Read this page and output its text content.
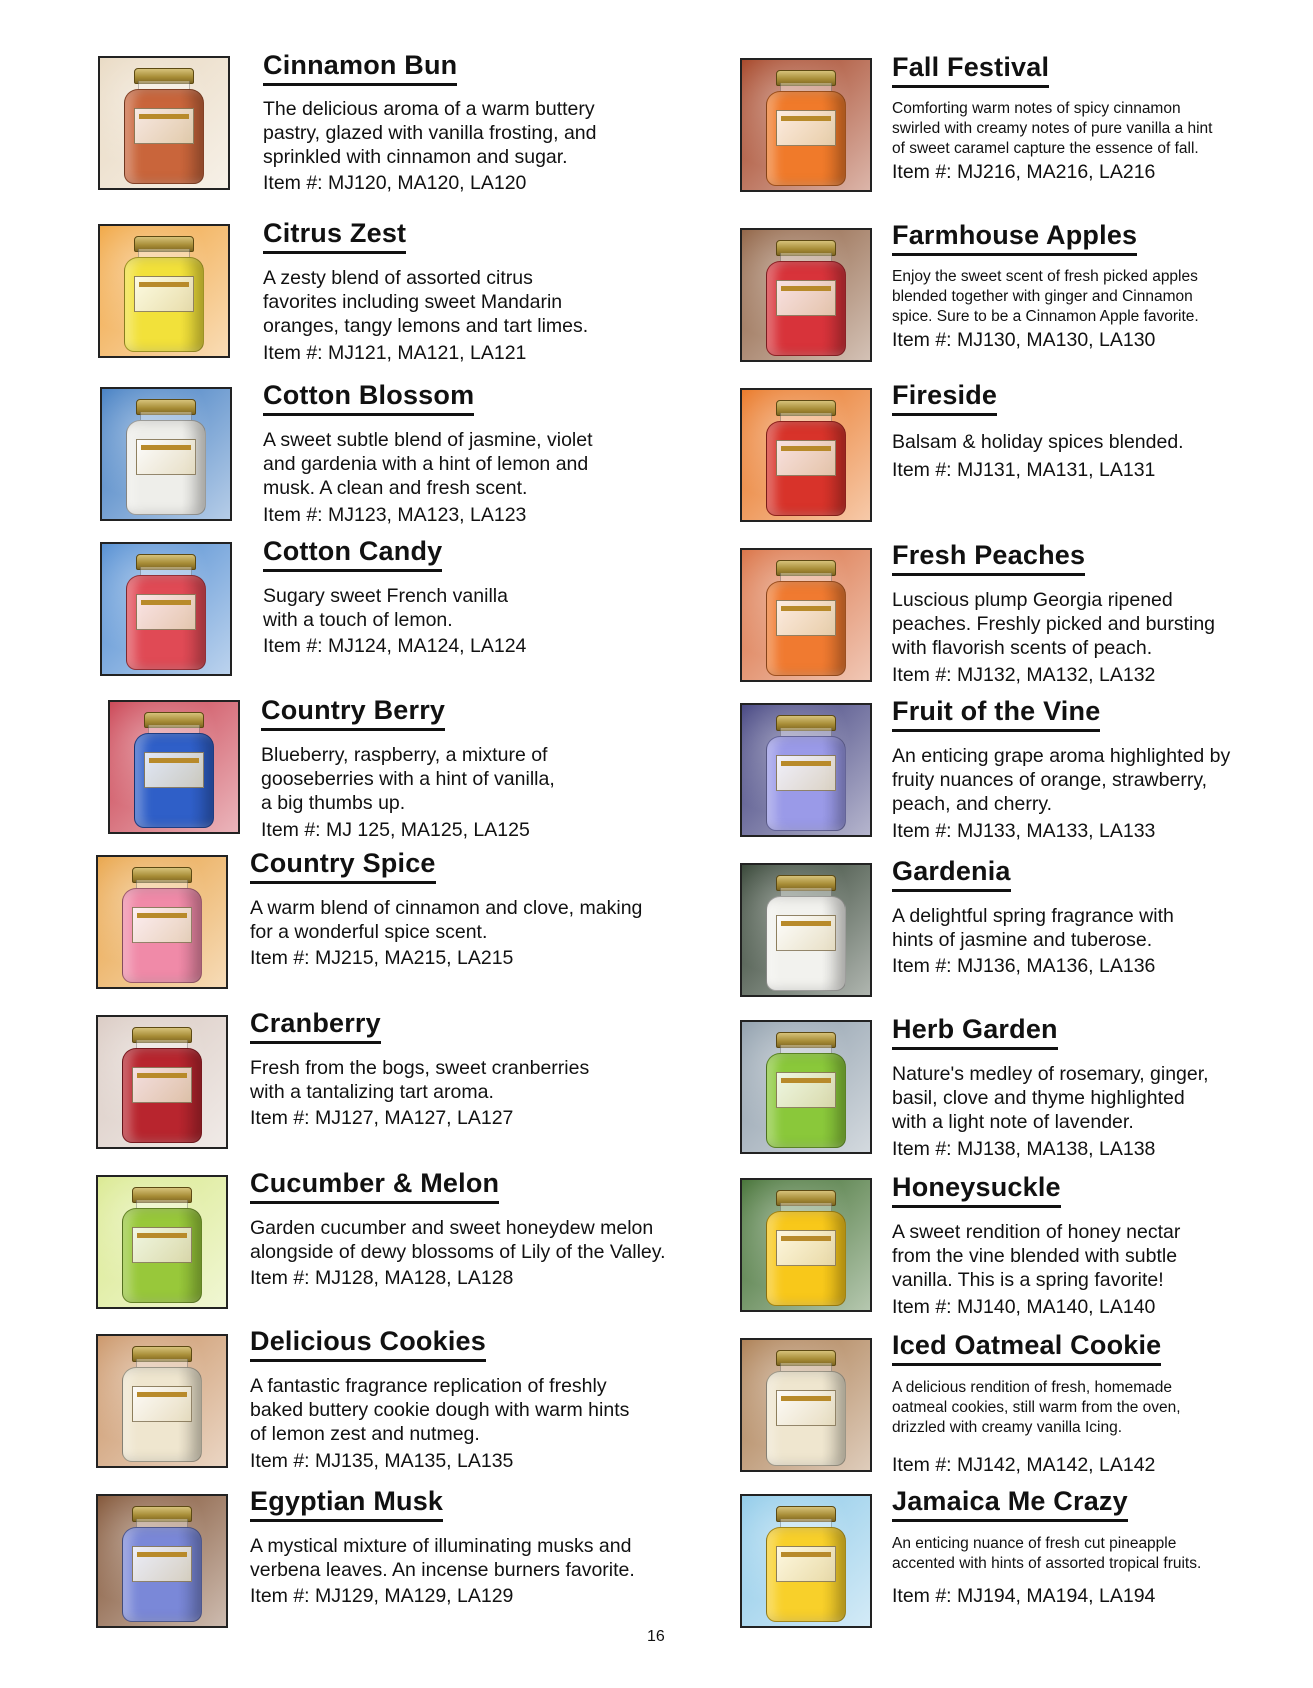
Cinnamon Bun
The delicious aroma of a warm buttery
pastry, glazed with vanilla frosting, and
sprinkled with cinnamon and sugar.
Item #: MJ120, MA120, LA120
Citrus Zest
A zesty blend of assorted citrus
favorites including sweet Mandarin
oranges, tangy lemons and tart limes.
Item #: MJ121, MA121, LA121
Cotton Blossom
A sweet subtle blend of jasmine, violet
and gardenia with a hint of lemon and
musk. A clean and fresh scent.
Item #: MJ123, MA123, LA123
Cotton Candy
Sugary sweet French vanilla
with a touch of lemon.
Item #: MJ124, MA124, LA124
Country Berry
Blueberry, raspberry, a mixture of
gooseberries with a hint of vanilla,
a big thumbs up.
Item #: MJ 125, MA125, LA125
Country Spice
A warm blend of cinnamon and clove, making
for a wonderful spice scent.
Item #: MJ215, MA215, LA215
Cranberry
Fresh from the bogs, sweet cranberries
with a tantalizing tart aroma.
Item #: MJ127, MA127, LA127
Cucumber & Melon
Garden cucumber and sweet honeydew melon
alongside of dewy blossoms of Lily of the Valley.
Item #: MJ128, MA128, LA128
Delicious Cookies
A fantastic fragrance replication of freshly
baked buttery cookie dough with warm hints
of lemon zest and nutmeg.
Item #: MJ135, MA135, LA135
Egyptian Musk
A mystical mixture of illuminating musks and
verbena leaves. An incense burners favorite.
Item #: MJ129, MA129, LA129
Fall Festival
Comforting warm notes of spicy cinnamon
swirled with creamy notes of pure vanilla a hint
of sweet caramel capture the essence of fall.
Item #: MJ216, MA216, LA216
Farmhouse Apples
Enjoy the sweet scent of fresh picked apples
blended together with ginger and Cinnamon
spice. Sure to be a Cinnamon Apple favorite.
Item #: MJ130, MA130, LA130
Fireside
Balsam & holiday spices blended.
Item #: MJ131, MA131, LA131
Fresh Peaches
Luscious plump Georgia ripened
peaches. Freshly picked and bursting
with flavorish scents of peach.
Item #: MJ132, MA132, LA132
Fruit of the Vine
An enticing grape aroma highlighted by
fruity nuances of orange, strawberry,
peach, and cherry.
Item #: MJ133, MA133, LA133
Gardenia
A delightful spring fragrance with
hints of jasmine and tuberose.
Item #: MJ136, MA136, LA136
Herb Garden
Nature's medley of rosemary, ginger,
basil, clove and thyme highlighted
with a light note of lavender.
Item #: MJ138, MA138, LA138
Honeysuckle
A sweet rendition of honey nectar
from the vine blended with subtle
vanilla. This is a spring favorite!
Item #: MJ140, MA140, LA140
Iced Oatmeal Cookie
A delicious rendition of fresh, homemade
oatmeal cookies, still warm from the oven,
drizzled with creamy vanilla Icing.
Item #: MJ142, MA142, LA142
Jamaica Me Crazy
An enticing nuance of fresh cut pineapple
accented with hints of assorted tropical fruits.
Item #: MJ194, MA194, LA194
16
